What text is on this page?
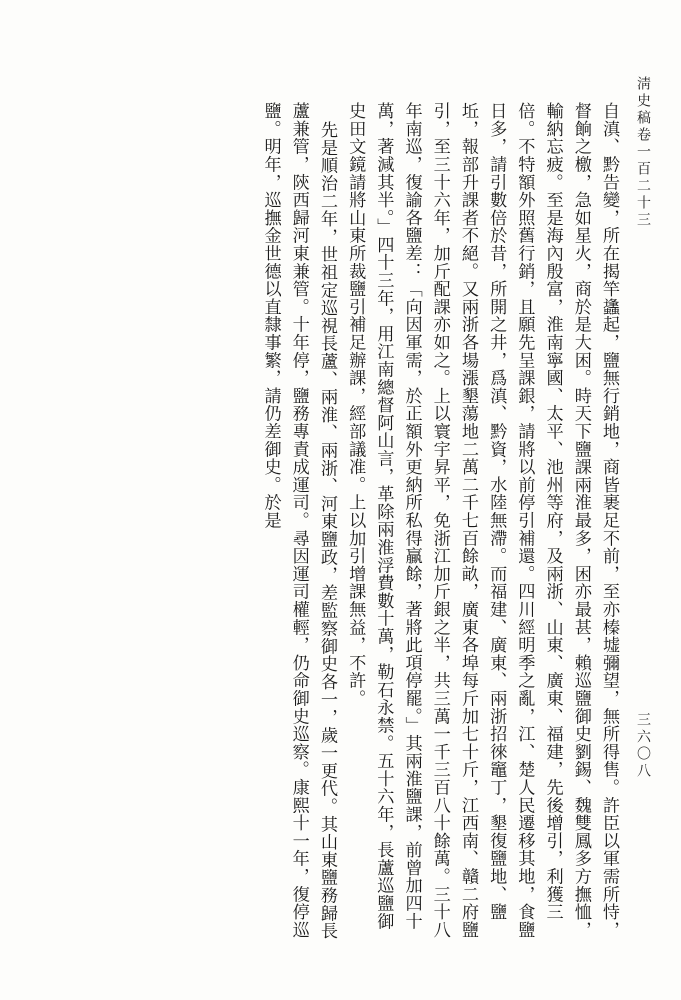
淸史稿卷一百二十三
三六〇八

自滇、黔告變，所在揭竿蠭起，鹽無行銷地，商皆裹足不前，至亦榛墟彌望，無所得售。許臣以軍需所恃，督餉之檄，急如星火，商於是大困。時天下鹽課兩淮最多，困亦最甚，賴巡鹽御史劉錫、魏雙鳳多方撫恤，輸納忘疲。至是海內殷富，淮南寧國、太平、池州等府，及兩浙、山東、廣東、福建，先後增引，利獲三倍。不特額外照舊行銷，且願先呈課銀，請將以前停引補還。四川經明季之亂，江、楚人民遷移其地，食鹽日多，請引數倍於昔，所開之井，爲滇、黔資，水陸無滯。而福建、廣東、兩浙招徠竈丁，墾復鹽地、鹽坵，報部升課者不絕。又兩浙各場漲墾蕩地二萬二千七百餘畝，廣東各埠每斤加七十斤，江西南、贛二府鹽引，至三十六年，加斤配課亦如之。上以寰宇昇平，免浙江加斤銀之半，共三萬一千三百八十餘萬。三十八年南巡，復諭各鹽差：「向因軍需，於正額外更納所私得贏餘，著將此項停罷。」其兩淮鹽課，前曾加四十萬，著減其半。」四十三年，用江南總督阿山言，革除兩淮浮費數十萬，勒石永禁。五十六年，長蘆巡鹽御史田文鏡請將山東所裁鹽引補足辦課，經部議准。上以加引增課無益，不許。

先是順治二年，世祖定巡視長蘆、兩淮、兩浙、河東鹽政，差監察御史各一，歲一更代。其山東鹽務歸長蘆兼管，陝西歸河東兼管。十年停，鹽務專責成運司。尋因運司權輕，仍命御史巡察。康熙十一年，復停巡鹽。明年，巡撫金世德以直隸事繁，請仍差御史。於是
